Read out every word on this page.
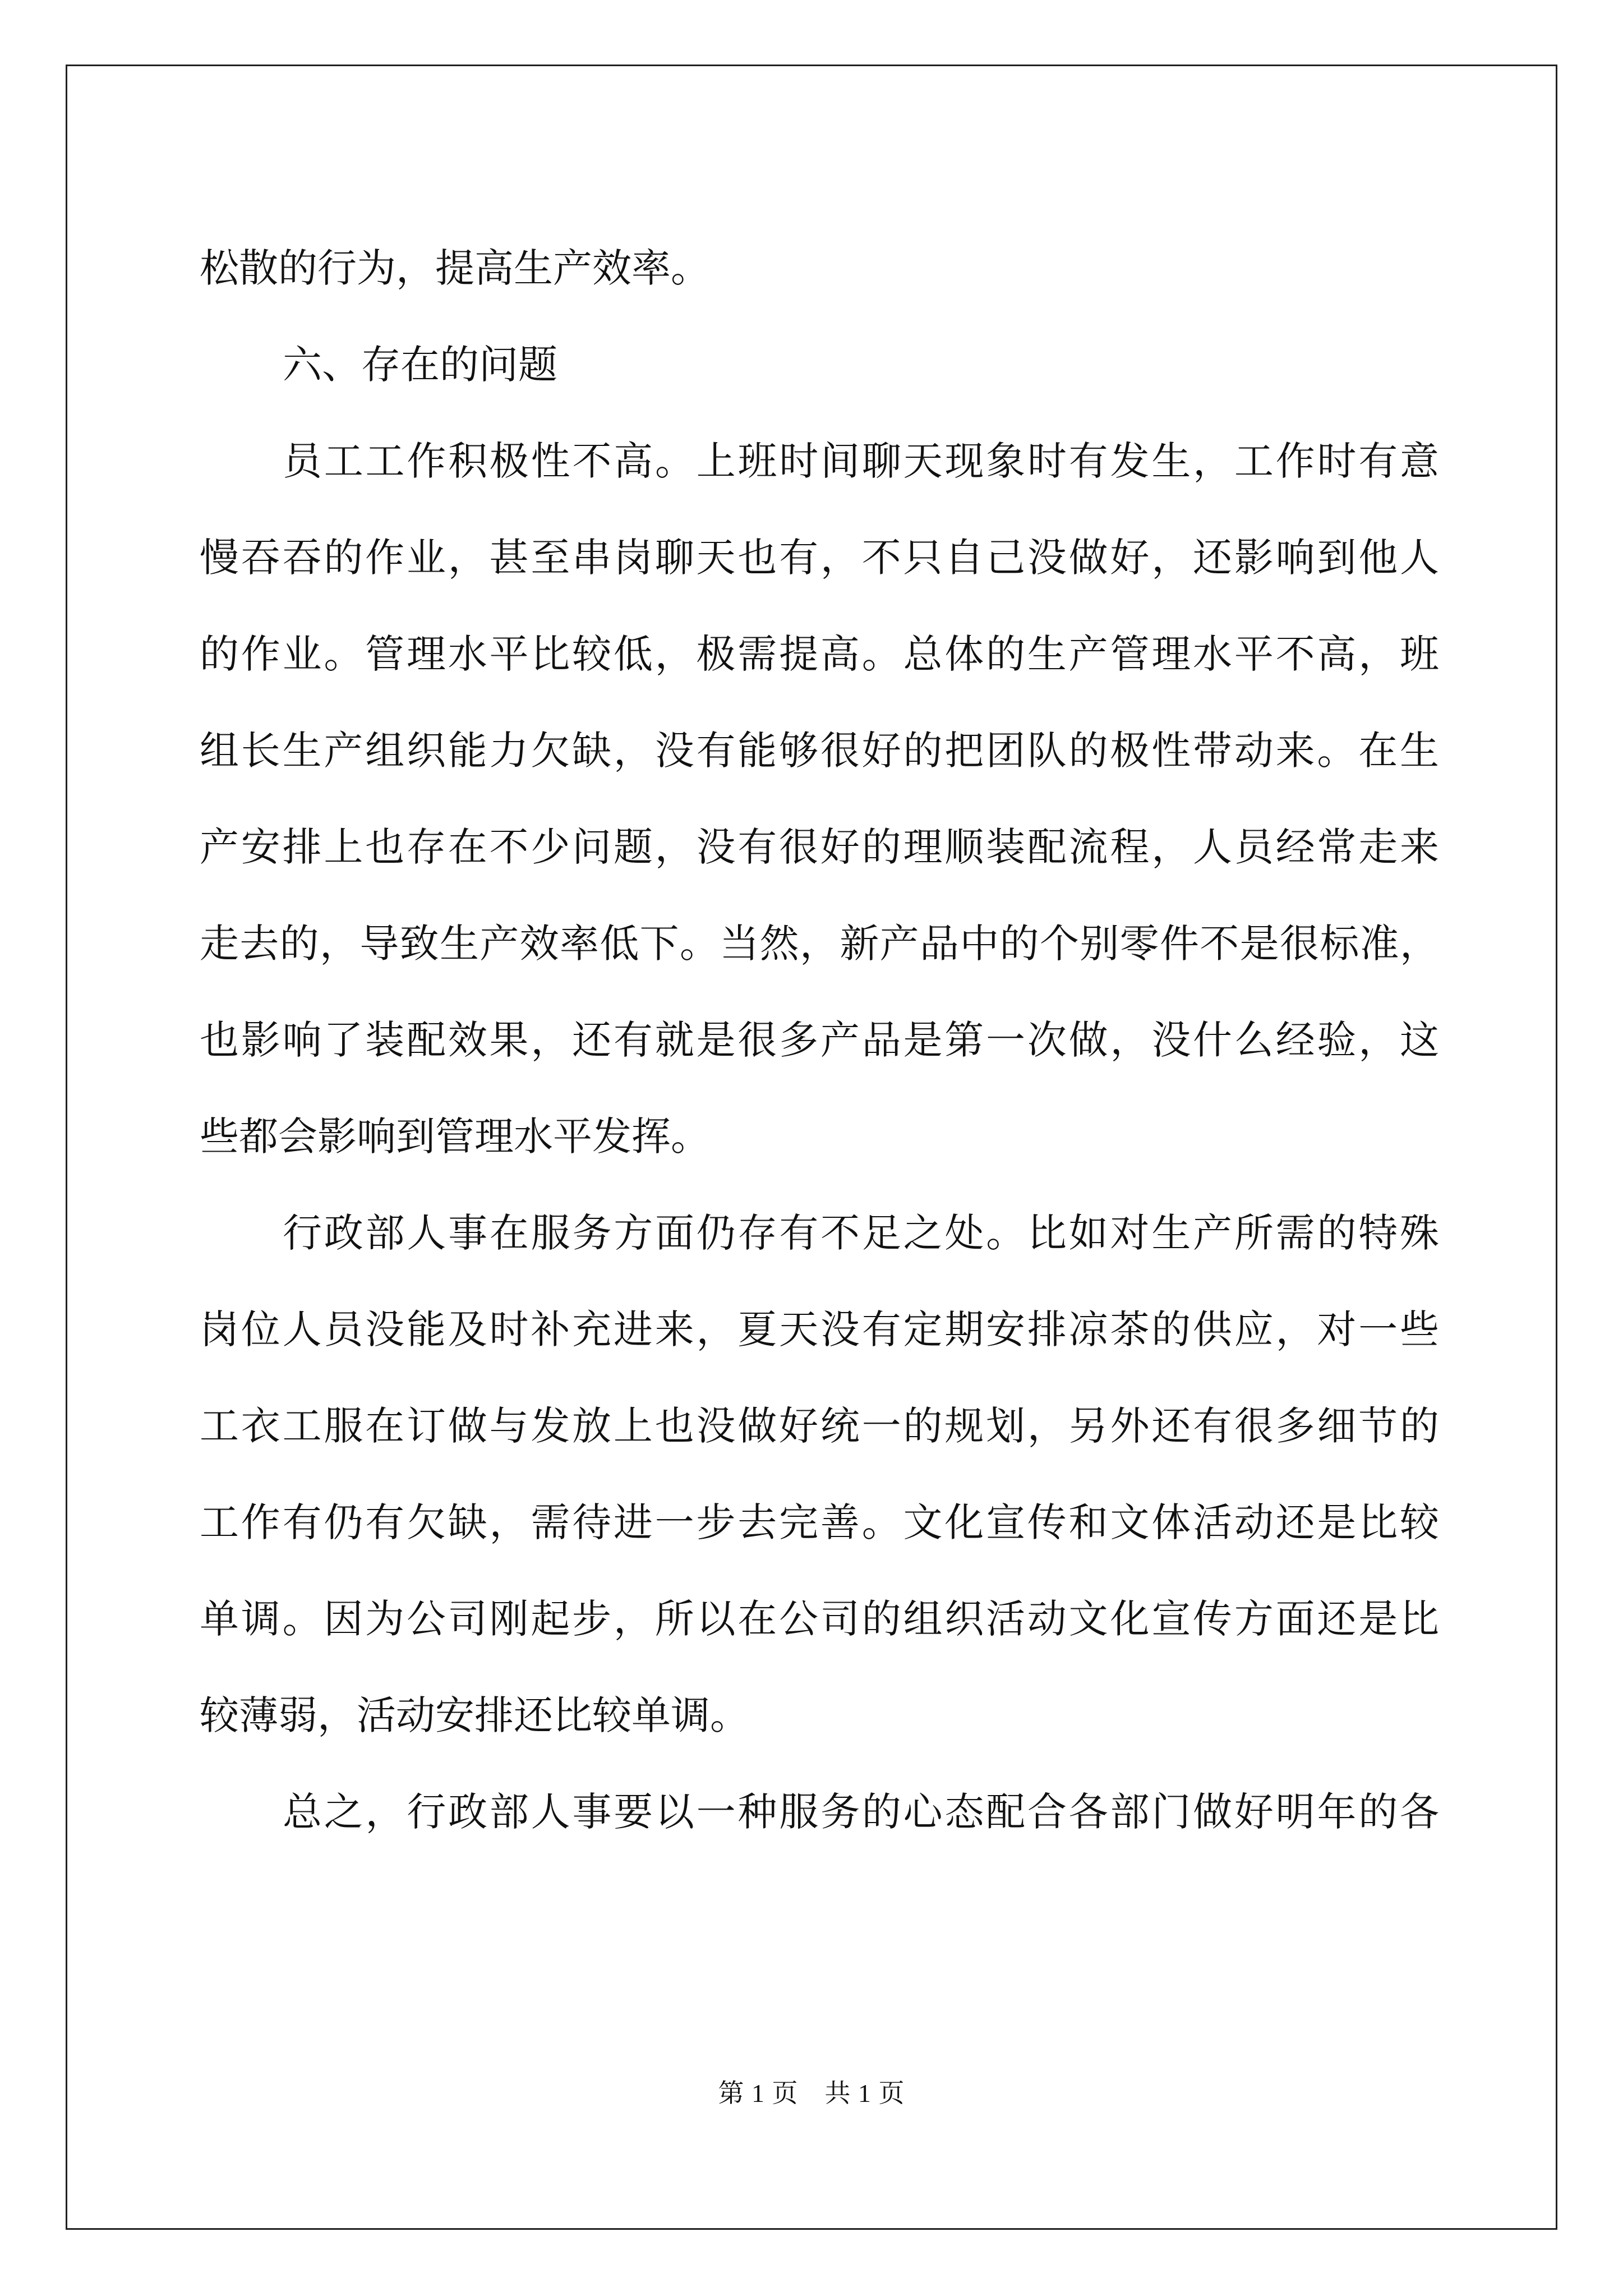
松散的行为，提高生产效率。
六、存在的问题
员工工作积极性不高。上班时间聊天现象时有发生，工作时有意
慢吞吞的作业，甚至串岗聊天也有，不只自己没做好，还影响到他人
的作业。管理水平比较低，极需提高。总体的生产管理水平不高，班
组长生产组织能力欠缺，没有能够很好的把团队的极性带动来。在生
产安排上也存在不少问题，没有很好的理顺装配流程，人员经常走来
走去的，导致生产效率低下。当然，新产品中的个别零件不是很标准，
也影响了装配效果，还有就是很多产品是第一次做，没什么经验，这
些都会影响到管理水平发挥。
行政部人事在服务方面仍存有不足之处。比如对生产所需的特殊
岗位人员没能及时补充进来，夏天没有定期安排凉茶的供应，对一些
工衣工服在订做与发放上也没做好统一的规划，另外还有很多细节的
工作有仍有欠缺，需待进一步去完善。文化宣传和文体活动还是比较
单调。因为公司刚起步，所以在公司的组织活动文化宣传方面还是比
较薄弱，活动安排还比较单调。
总之，行政部人事要以一种服务的心态配合各部门做好明年的各
第 1 页　共 1 页
